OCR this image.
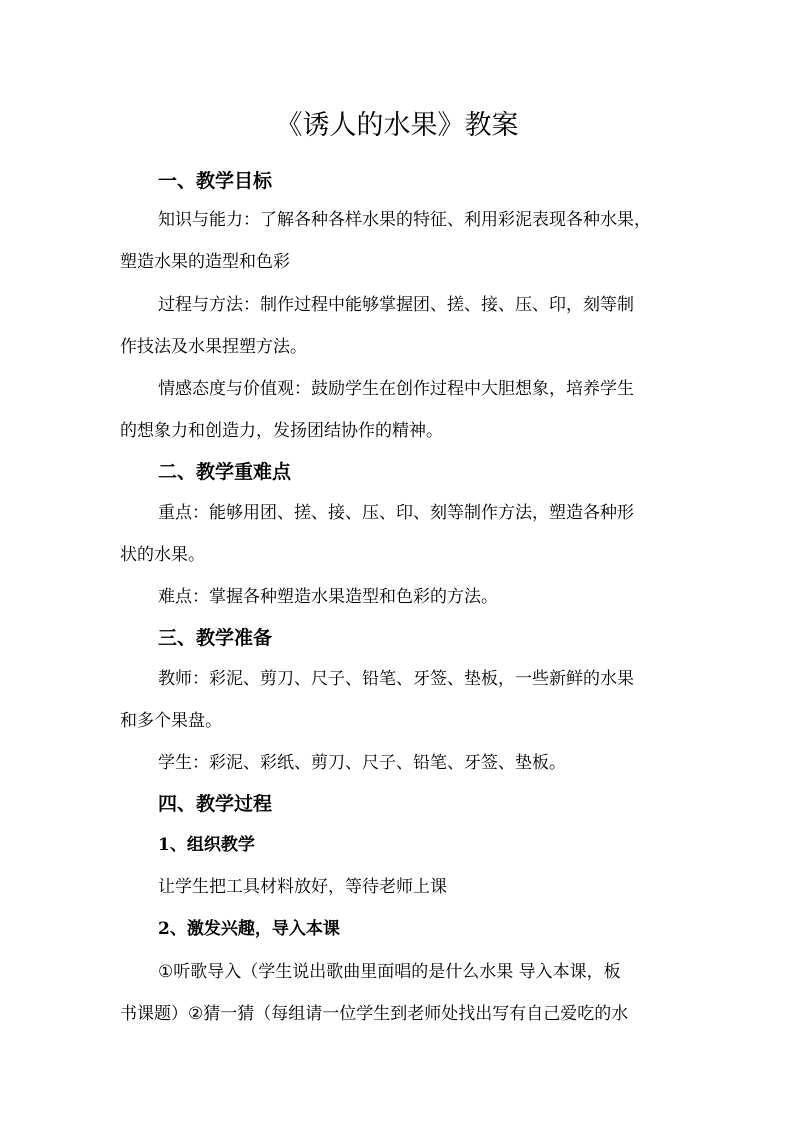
《诱人的水果》教案
一、教学目标
知识与能力：了解各种各样水果的特征、利用彩泥表现各种水果，
塑造水果的造型和色彩
过程与方法：制作过程中能够掌握团、搓、接、压、印，刻等制
作技法及水果捏塑方法。
情感态度与价值观：鼓励学生在创作过程中大胆想象，培养学生
的想象力和创造力，发扬团结协作的精神。
二、教学重难点
重点：能够用团、搓、接、压、印、刻等制作方法，塑造各种形
状的水果。
难点：掌握各种塑造水果造型和色彩的方法。
三、教学准备
教师：彩泥、剪刀、尺子、铅笔、牙签、垫板，一些新鲜的水果
和多个果盘。
学生：彩泥、彩纸、剪刀、尺子、铅笔、牙签、垫板。
四、教学过程
1、组织教学
让学生把工具材料放好，等待老师上课
2、激发兴趣，导入本课
①听歌导入（学生说出歌曲里面唱的是什么水果 导入本课，板
书课题）②猜一猜（每组请一位学生到老师处找出写有自己爱吃的水
